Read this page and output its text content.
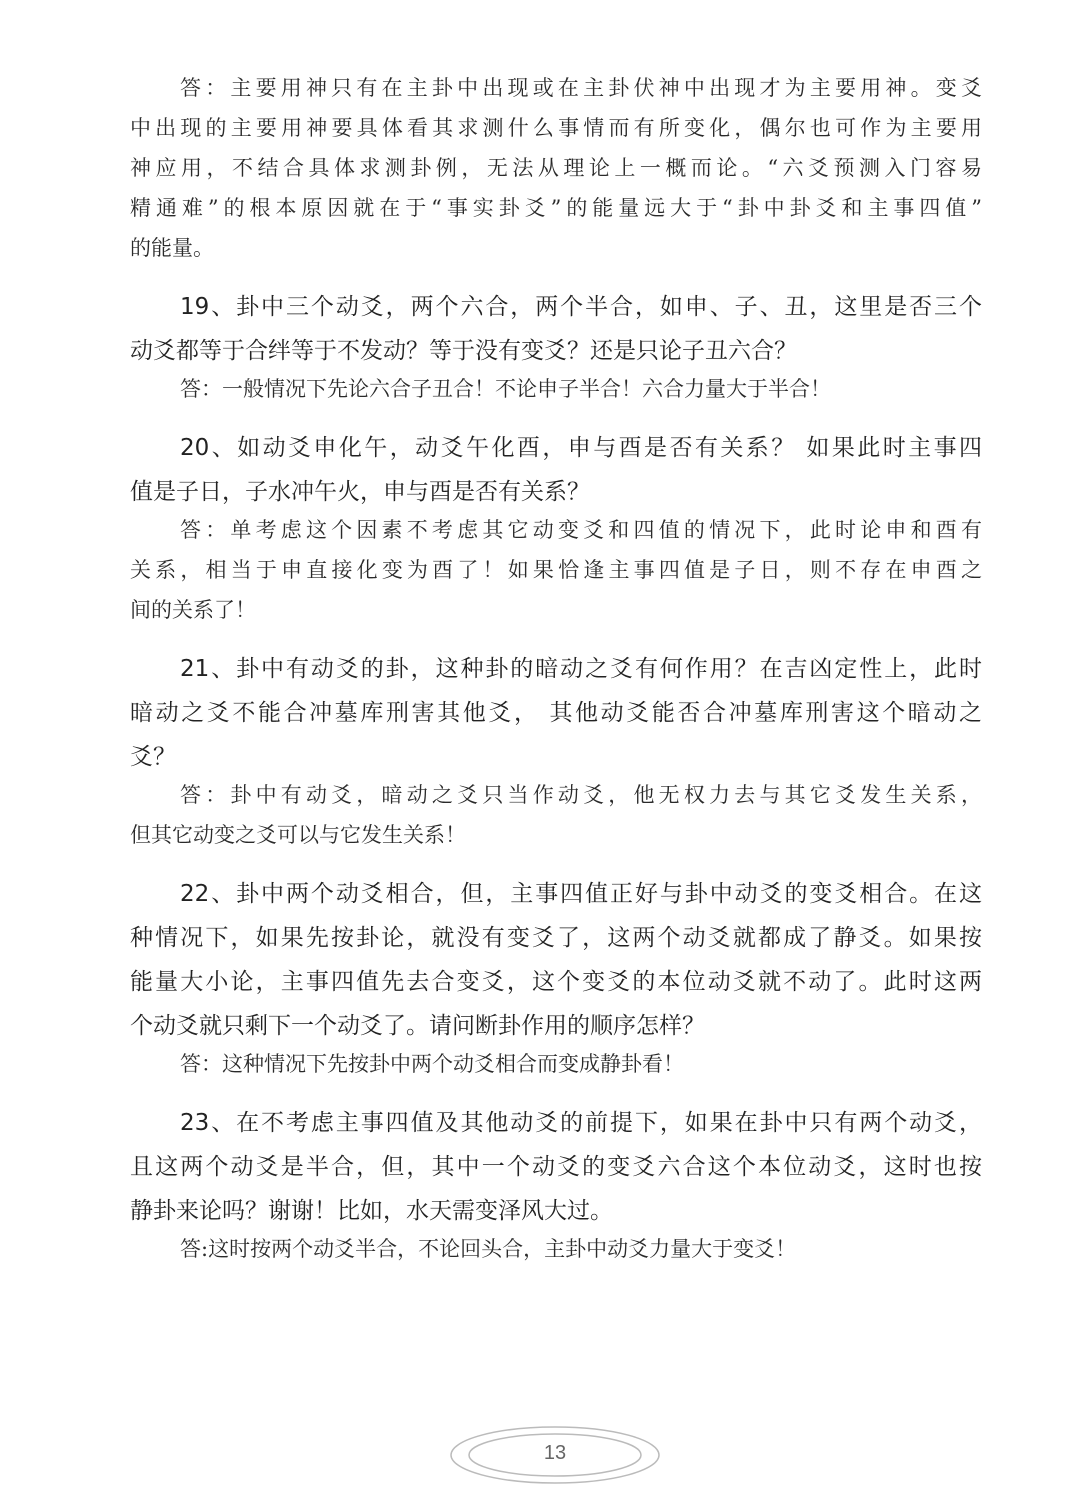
答：主要用神只有在主卦中出现或在主卦伏神中出现才为主要用神。变爻
中出现的主要用神要具体看其求测什么事情而有所变化，偶尔也可作为主要用
神应用，不结合具体求测卦例，无法从理论上一概而论。“六爻预测入门容易
精通难”的根本原因就在于“事实卦爻”的能量远大于“卦中卦爻和主事四值”
的能量。
19、卦中三个动爻，两个六合，两个半合，如申、子、丑，这里是否三个
动爻都等于合绊等于不发动？等于没有变爻？还是只论子丑六合？
答：一般情况下先论六合子丑合！不论申子半合！六合力量大于半合！
20、如动爻申化午，动爻午化酉，申与酉是否有关系？ 如果此时主事四
值是子日，子水冲午火，申与酉是否有关系？
答：单考虑这个因素不考虑其它动变爻和四值的情况下，此时论申和酉有
关系，相当于申直接化变为酉了！如果恰逢主事四值是子日，则不存在申酉之
间的关系了！
21、卦中有动爻的卦，这种卦的暗动之爻有何作用？在吉凶定性上，此时
暗动之爻不能合冲墓库刑害其他爻， 其他动爻能否合冲墓库刑害这个暗动之
爻？
答：卦中有动爻，暗动之爻只当作动爻，他无权力去与其它爻发生关系，
但其它动变之爻可以与它发生关系！
22、卦中两个动爻相合，但，主事四值正好与卦中动爻的变爻相合。在这
种情况下，如果先按卦论，就没有变爻了，这两个动爻就都成了静爻。如果按
能量大小论，主事四值先去合变爻，这个变爻的本位动爻就不动了。此时这两
个动爻就只剩下一个动爻了。请问断卦作用的顺序怎样？
答：这种情况下先按卦中两个动爻相合而变成静卦看！
23、在不考虑主事四值及其他动爻的前提下，如果在卦中只有两个动爻，
且这两个动爻是半合，但，其中一个动爻的变爻六合这个本位动爻，这时也按
静卦来论吗？谢谢！比如，水天需变泽风大过。
答:这时按两个动爻半合，不论回头合，主卦中动爻力量大于变爻！
13
